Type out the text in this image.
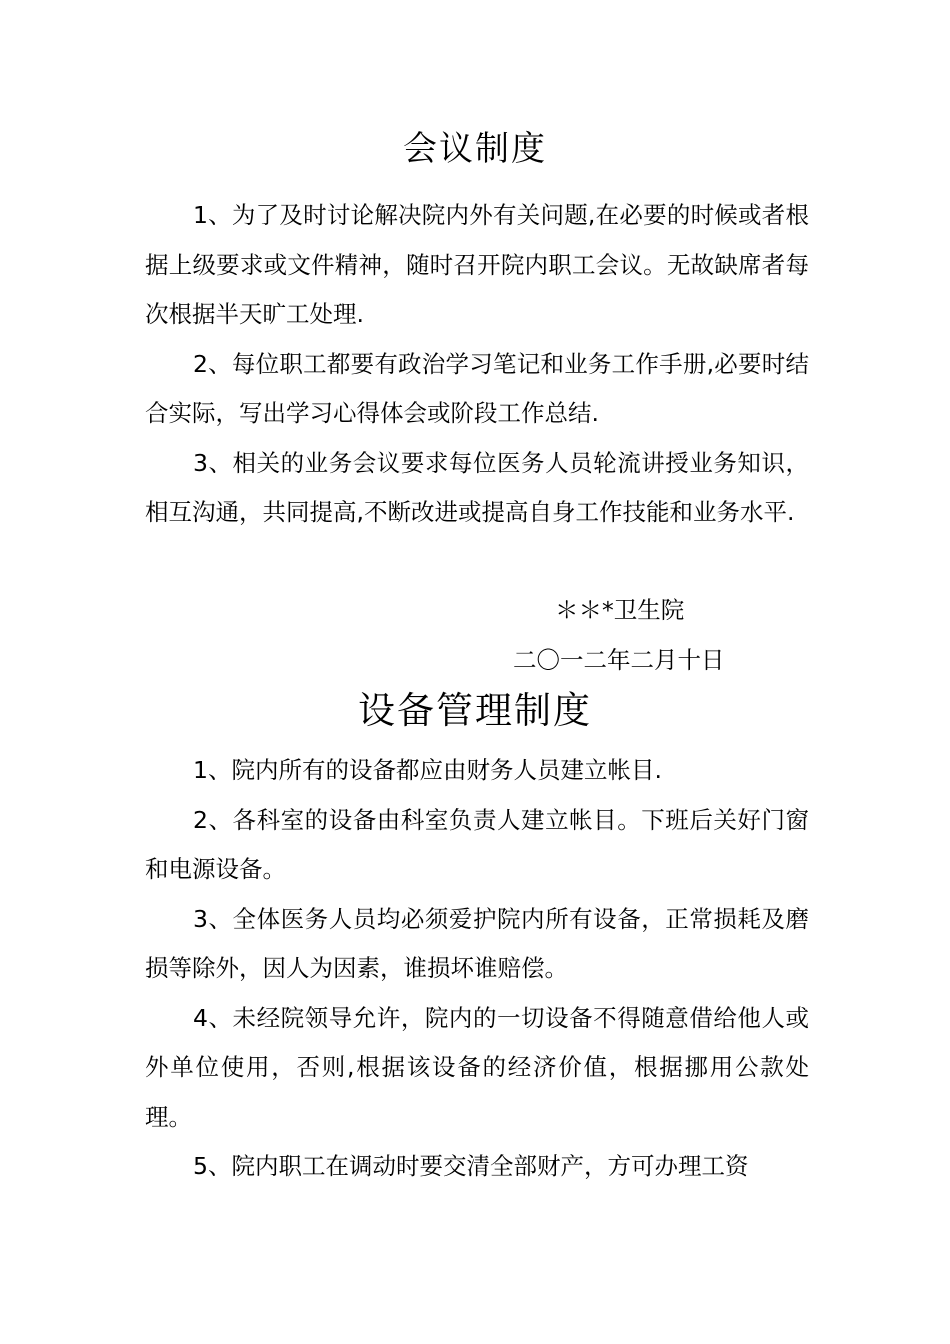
会议制度

1、为了及时讨论解决院内外有关问题,在必要的时候或者根据上级要求或文件精神，随时召开院内职工会议。无故缺席者每次根据半天旷工处理.

2、每位职工都要有政治学习笔记和业务工作手册,必要时结合实际，写出学习心得体会或阶段工作总结.

3、相关的业务会议要求每位医务人员轮流讲授业务知识，相互沟通，共同提高,不断改进或提高自身工作技能和业务水平.

＊＊*卫生院
二〇一二年二月十日
设备管理制度

1、院内所有的设备都应由财务人员建立帐目.

2、各科室的设备由科室负责人建立帐目。下班后关好门窗和电源设备。

3、全体医务人员均必须爱护院内所有设备，正常损耗及磨损等除外，因人为因素，谁损坏谁赔偿。

4、未经院领导允许，院内的一切设备不得随意借给他人或外单位使用，否则,根据该设备的经济价值，根据挪用公款处理。

5、院内职工在调动时要交清全部财产，方可办理工资
